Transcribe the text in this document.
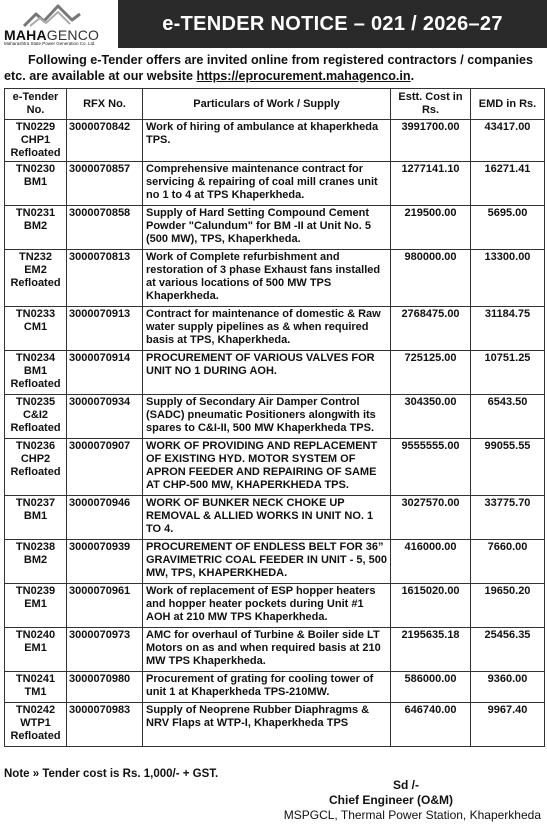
MAHAGENCO
Maharashtra State Power Generation Co. Ltd.
e-TENDER NOTICE – 021 / 2026–27
Following e-Tender offers are invited online from registered contractors / companies etc. are available at our website https://eprocurement.mahagenco.in.
e-Tender No.	RFX No.	Particulars of Work / Supply	Estt. Cost in Rs.	EMD in Rs.
TN0229 CHP1 Refloated	3000070842	Work of hiring of ambulance at khaperkheda TPS.	3991700.00	43417.00
TN0230 BM1	3000070857	Comprehensive maintenance contract for servicing & repairing of coal mill cranes unit no 1 to 4 at TPS Khaperkheda.	1277141.10	16271.41
TN0231 BM2	3000070858	Supply of Hard Setting Compound Cement Powder "Calundum" for BM -II at Unit No. 5 (500 MW), TPS, Khaperkheda.	219500.00	5695.00
TN232 EM2 Refloated	3000070813	Work of Complete refurbishment and restoration of 3 phase Exhaust fans installed at various locations of 500 MW TPS Khaperkheda.	980000.00	13300.00
TN0233 CM1	3000070913	Contract for maintenance of domestic & Raw water supply pipelines as & when required basis at TPS, Khaperkheda.	2768475.00	31184.75
TN0234 BM1 Refloated	3000070914	PROCUREMENT OF VARIOUS VALVES FOR UNIT NO 1 DURING AOH.	725125.00	10751.25
TN0235 C&I2 Refloated	3000070934	Supply of Secondary Air Damper Control (SADC) pneumatic Positioners alongwith its spares to C&I-II, 500 MW Khaperkheda TPS.	304350.00	6543.50
TN0236 CHP2 Refloated	3000070907	WORK OF PROVIDING AND REPLACEMENT OF EXISTING HYD. MOTOR SYSTEM OF APRON FEEDER AND REPAIRING OF SAME AT CHP-500 MW, KHAPERKHEDA TPS.	9555555.00	99055.55
TN0237 BM1	3000070946	WORK OF BUNKER NECK CHOKE UP REMOVAL & ALLIED WORKS IN UNIT NO. 1 TO 4.	3027570.00	33775.70
TN0238 BM2	3000070939	PROCUREMENT OF ENDLESS BELT FOR 36” GRAVIMETRIC COAL FEEDER IN UNIT - 5, 500 MW, TPS, KHAPERKHEDA.	416000.00	7660.00
TN0239 EM1	3000070961	Work of replacement of ESP hopper heaters and hopper heater pockets during Unit #1 AOH at 210 MW TPS Khaperkheda.	1615020.00	19650.20
TN0240 EM1	3000070973	AMC for overhaul of Turbine & Boiler side LT Motors on as and when required basis at 210 MW TPS Khaperkheda.	2195635.18	25456.35
TN0241 TM1	3000070980	Procurement of grating for cooling tower of unit 1 at Khaperkheda TPS-210MW.	586000.00	9360.00
TN0242 WTP1 Refloated	3000070983	Supply of Neoprene Rubber Diaphragms & NRV Flaps at WTP-I, Khaperkheda TPS	646740.00	9967.40
Note » Tender cost is Rs. 1,000/- + GST.
Sd /-
Chief Engineer (O&M)
MSPGCL, Thermal Power Station, Khaperkheda
